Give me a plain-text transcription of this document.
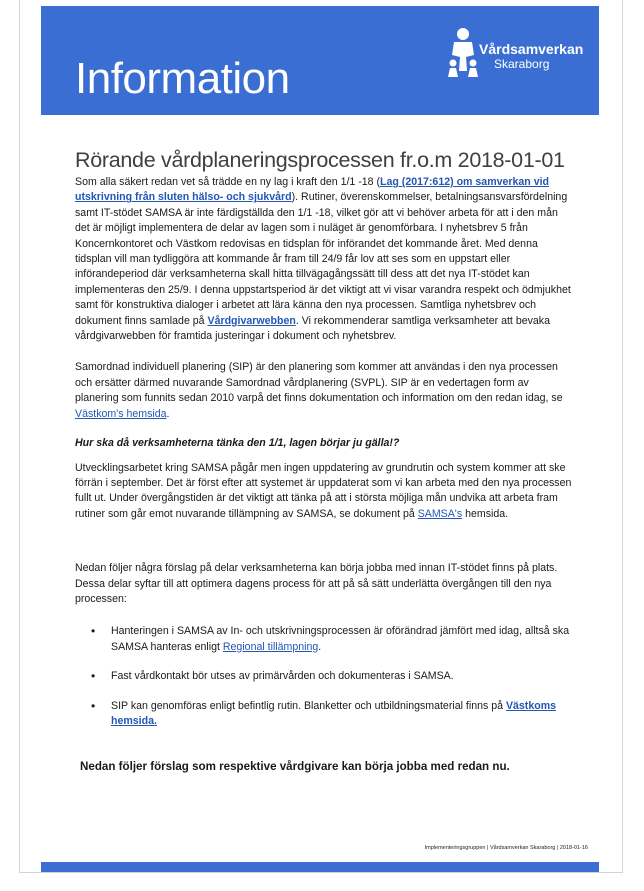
Vårdsamverkan
Skaraborg
Information
Rörande vårdplaneringsprocessen fr.o.m 2018-01-01

Som alla säkert redan vet så trädde en ny lag i kraft den 1/1 -18 (Lag (2017:612) om samverkan vid utskrivning från sluten hälso- och sjukvård). Rutiner, överenskommelser, betalningsansvarsfördelning samt IT-stödet SAMSA är inte färdigställda den 1/1 -18, vilket gör att vi behöver arbeta för att i den mån det är möjligt implementera de delar av lagen som i nuläget är genomförbara. I nyhetsbrev 5 från Koncernkontoret och Västkom redovisas en tidsplan för införandet det kommande året. Med denna tidsplan vill man tydliggöra att kommande år fram till 24/9 får lov att ses som en uppstart eller införandeperiod där verksamheterna skall hitta tillvägagångssätt till dess att det nya IT-stödet kan implementeras den 25/9. I denna uppstartsperiod är det viktigt att vi visar varandra respekt och ödmjukhet samt för konstruktiva dialoger i arbetet att lära känna den nya processen. Samtliga nyhetsbrev och dokument finns samlade på Vårdgivarwebben. Vi rekommenderar samtliga verksamheter att bevaka vårdgivarwebben för framtida justeringar i dokument och nyhetsbrev.

Samordnad individuell planering (SIP) är den planering som kommer att användas i den nya processen och ersätter därmed nuvarande Samordnad vårdplanering (SVPL). SIP är en vedertagen form av planering som funnits sedan 2010 varpå det finns dokumentation och information om den redan idag, se Västkom's hemsida.

Hur ska då verksamheterna tänka den 1/1, lagen börjar ju gälla!?

Utvecklingsarbetet kring SAMSA pågår men ingen uppdatering av grundrutin och system kommer att ske förrän i september. Det är först efter att systemet är uppdaterat som vi kan arbeta med den nya processen fullt ut. Under övergångstiden är det viktigt att tänka på att i största möjliga mån undvika att arbeta fram rutiner som går emot nuvarande tillämpning av SAMSA, se dokument på SAMSA's hemsida.

Nedan följer några förslag på delar verksamheterna kan börja jobba med innan IT-stödet finns på plats. Dessa delar syftar till att optimera dagens process för att på så sätt underlätta övergången till den nya processen:

• Hanteringen i SAMSA av In- och utskrivningsprocessen är oförändrad jämfört med idag, alltså ska SAMSA hanteras enligt Regional tillämpning.
• Fast vårdkontakt bör utses av primärvården och dokumenteras i SAMSA.
• SIP kan genomföras enligt befintlig rutin. Blanketter och utbildningsmaterial finns på Västkoms hemsida.

Nedan följer förslag som respektive vårdgivare kan börja jobba med redan nu.

Implementeringsgruppen | Vårdsamverkan Skaraborg | 2018-01-16
